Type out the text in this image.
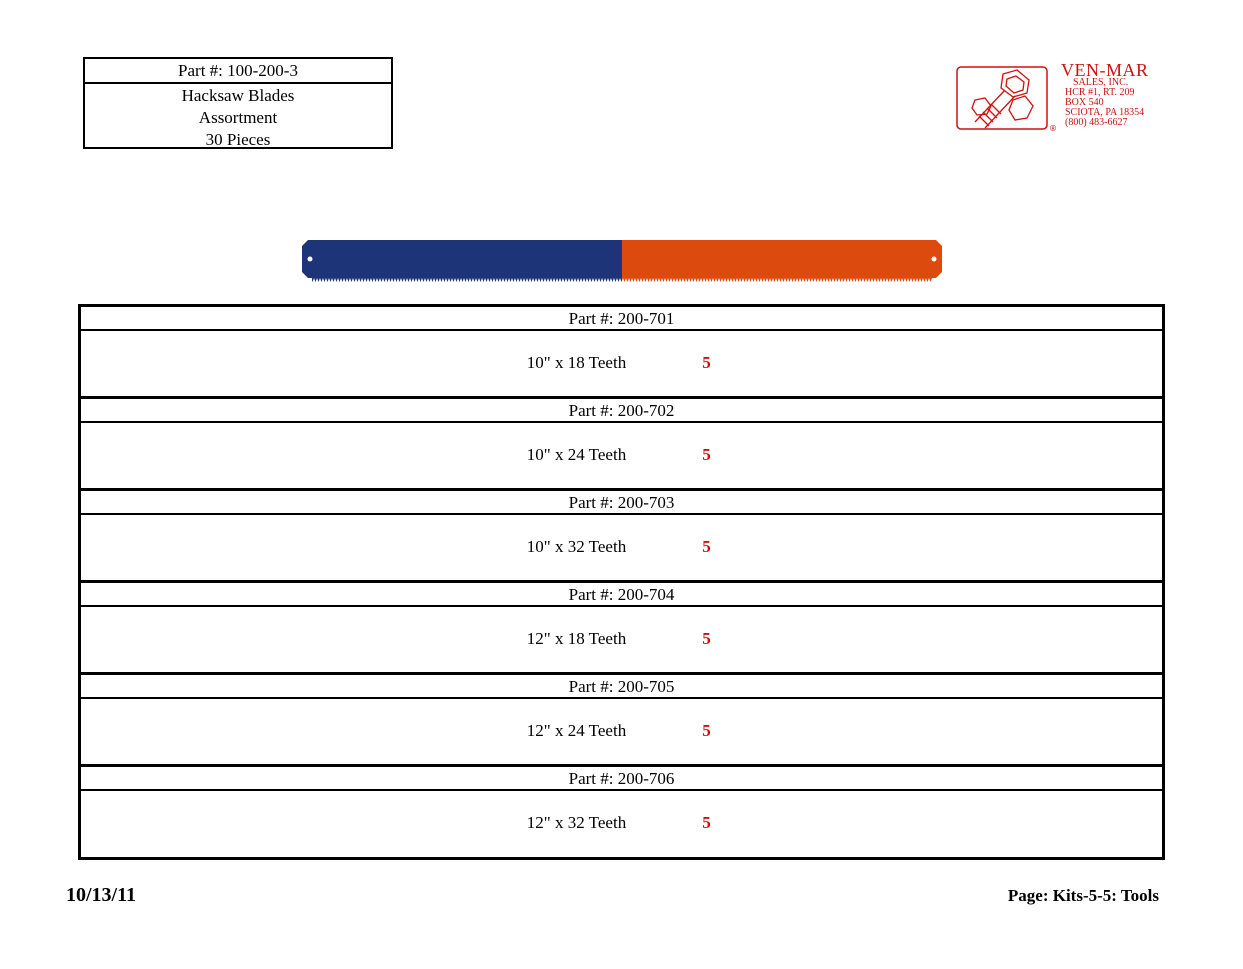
Part #: 100-200-3
Hacksaw Blades
Assortment
30 Pieces
®
VEN-MAR
SALES, INC.
HCR #1, RT. 209
BOX 540
SCIOTA, PA 18354
(800) 483-6627
Part #: 200-701
10" x 18 Teeth	5
Part #: 200-702
10" x 24 Teeth	5
Part #: 200-703
10" x 32 Teeth	5
Part #: 200-704
12" x 18 Teeth	5
Part #: 200-705
12" x 24 Teeth	5
Part #: 200-706
12" x 32 Teeth	5
10/13/11	Page: Kits-5-5: Tools
